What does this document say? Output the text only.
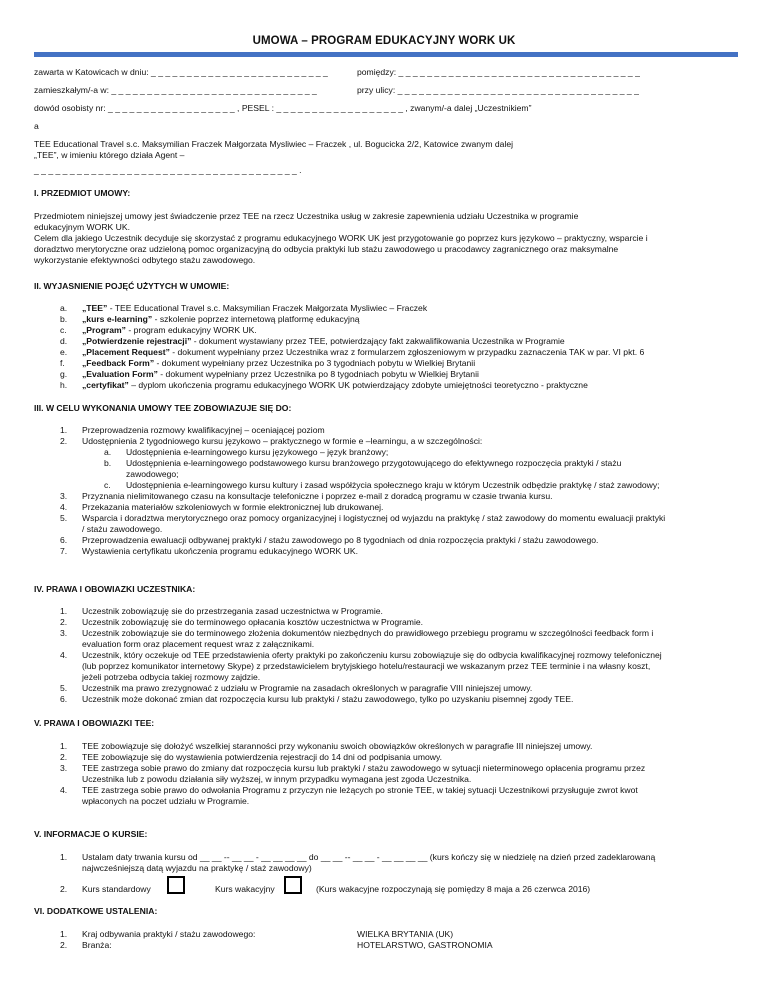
UMOWA – PROGRAM EDUKACYJNY WORK UK
zawarta w Katowicach w dniu: _ _ _ _ _ _ _ _ _ _ _ _ _ _ _ _ _ _ _ _ _ _ _ _ _	pomiędzy: _ _ _ _ _ _ _ _ _ _ _ _ _ _ _ _ _ _ _ _ _ _ _ _ _ _ _ _ _ _ _ _ _ _
zamieszkałym/-a w: _ _ _ _ _ _ _ _ _ _ _ _ _ _ _ _ _ _ _ _ _ _ _ _ _ _ _ _ _	przy ulicy: _ _ _ _ _ _ _ _ _ _ _ _ _ _ _ _ _ _ _ _ _ _ _ _ _ _ _ _ _ _ _ _ _ _
dowód osobisty nr: _ _ _ _ _ _ _ _ _ _ _ _ _ _ _ _ _ _ , PESEL : _ _ _ _ _ _ _ _ _ _ _ _ _ _ _ _ _ _ , zwanym/-a dalej „Uczestnikiem”
a
TEE Educational Travel s.c. Maksymilian Fraczek Małgorzata Mysliwiec – Fraczek , ul. Bogucicka 2/2, Katowice zwanym dalej
„TEE”, w imieniu którego działa Agent –
_ _ _ _ _ _ _ _ _ _ _ _ _ _ _ _ _ _ _ _ _ _ _ _ _ _ _ _ _ _ _ _ _ _ _ _ _ .
I. PRZEDMIOT UMOWY:
Przedmiotem niniejszej umowy jest świadczenie przez TEE na rzecz Uczestnika usług w zakresie zapewnienia udziału Uczestnika w programie
edukacyjnym WORK UK.
Celem dla jakiego Uczestnik decyduje się skorzystać z programu edukacyjnego WORK UK jest przygotowanie go poprzez kurs językowo – praktyczny, wsparcie i
doradztwo merytoryczne oraz udzieloną pomoc organizacyjną do odbycia praktyki lub stażu zawodowego u pracodawcy zagranicznego oraz maksymalne
wykorzystanie efektywności odbytego stażu zawodowego.
II. WYJASNIENIE POJĘĆ UŻYTYCH W UMOWIE:
a. „TEE” - TEE Educational Travel s.c. Maksymilian Fraczek Małgorzata Mysliwiec – Fraczek
b. „kurs e-learning” - szkolenie poprzez internetową platformę edukacyjną
c. „Program” - program edukacyjny WORK UK.
d. „Potwierdzenie rejestracji” - dokument wystawiany przez TEE, potwierdzający fakt zakwalifikowania Uczestnika w Programie
e. „Placement Request” - dokument wypełniany przez Uczestnika wraz z formularzem zgłoszeniowym w przypadku zaznaczenia TAK w par. VI pkt. 6
f. „Feedback Form” - dokument wypełniany przez Uczestnika po 3 tygodniach pobytu w Wielkiej Brytanii
g. „Evaluation Form” - dokument wypełniany przez Uczestnika po 8 tygodniach pobytu w Wielkiej Brytanii
h. „certyfikat” – dyplom ukończenia programu edukacyjnego WORK UK potwierdzający zdobyte umiejętności teoretyczno - praktyczne
III. W CELU WYKONANIA UMOWY TEE ZOBOWIAZUJE SIĘ DO:
1. Przeprowadzenia rozmowy kwalifikacyjnej – oceniającej poziom
2. Udostępnienia 2 tygodniowego kursu językowo – praktycznego w formie e –learningu, a w szczególności:
a. Udostępnienia e-learningowego kursu językowego – język branżowy;
b. Udostępnienia e-learningowego podstawowego kursu branżowego przygotowującego do efektywnego rozpoczęcia praktyki / stażu
zawodowego;
c. Udostępnienia e-learningowego kursu kultury i zasad współżycia społecznego kraju w którym Uczestnik odbędzie praktykę / staż zawodowy;
3. Przyznania nielimitowanego czasu na konsultacje telefoniczne i poprzez e-mail z doradcą programu w czasie trwania kursu.
4. Przekazania materiałów szkoleniowych w formie elektronicznej lub drukowanej.
5. Wsparcia i doradztwa merytorycznego oraz pomocy organizacyjnej i logistycznej od wyjazdu na praktykę / staż zawodowy do momentu ewaluacji praktyki
/ stażu zawodowego.
6. Przeprowadzenia ewaluacji odbywanej praktyki / stażu zawodowego po 8 tygodniach od dnia rozpoczęcia praktyki / stażu zawodowego.
7. Wystawienia certyfikatu ukończenia programu edukacyjnego WORK UK.
IV. PRAWA I OBOWIAZKI UCZESTNIKA:
1. Uczestnik zobowiązuję sie do przestrzegania zasad uczestnictwa w Programie.
2. Uczestnik zobowiązuję sie do terminowego opłacania kosztów uczestnictwa w Programie.
3. Uczestnik zobowiązuje sie do terminowego złożenia dokumentów niezbędnych do prawidłowego przebiegu programu w szczególności feedback form i
evaluation form oraz placement request wraz z załącznikami.
4. Uczestnik, który oczekuje od TEE przedstawienia oferty praktyki po zakończeniu kursu zobowiązuje się do odbycia kwalifikacyjnej rozmowy telefonicznej
(lub poprzez komunikator internetowy Skype) z przedstawicielem brytyjskiego hotelu/restauracji we wskazanym przez TEE terminie i na własny koszt,
jeżeli potrzeba odbycia takiej rozmowy zajdzie.
5. Uczestnik ma prawo zrezygnować z udziału w Programie na zasadach określonych w paragrafie VIII niniejszej umowy.
6. Uczestnik może dokonać zmian dat rozpoczęcia kursu lub praktyki / stażu zawodowego, tylko po uzyskaniu pisemnej zgody TEE.
V. PRAWA I OBOWIAZKI TEE:
1. TEE zobowiązuje się dołożyć wszelkiej staranności przy wykonaniu swoich obowiązków określonych w paragrafie III niniejszej umowy.
2. TEE zobowiązuje się do wystawienia potwierdzenia rejestracji do 14 dni od podpisania umowy.
3. TEE zastrzega sobie prawo do zmiany dat rozpoczęcia kursu lub praktyki / stażu zawodowego w sytuacji nieterminowego opłacenia programu przez
Uczestnika lub z powodu działania siły wyższej, w innym przypadku wymagana jest zgoda Uczestnika.
4. TEE zastrzega sobie prawo do odwołania Programu z przyczyn nie leżących po stronie TEE, w takiej sytuacji Uczestnikowi przysługuje zwrot kwot
wpłaconych na poczet udziału w Programie.
V. INFORMACJE O KURSIE:
1. Ustalam daty trwania kursu od __ __ -- __ __ - __ __ __ __ do __ __ -- __ __ - __ __ __ __ (kurs kończy się w niedzielę na dzień przed zadeklarowaną
najwcześniejszą datą wyjazdu na praktykę / staż zawodowy)
2. Kurs standardowy	Kurs wakacyjny	(Kurs wakacyjne rozpoczynają się pomiędzy 8 maja a 26 czerwca 2016)
VI. DODATKOWE USTALENIA:
1. Kraj odbywania praktyki / stażu zawodowego:	WIELKA BRYTANIA (UK)
2. Branża:	HOTELARSTWO, GASTRONOMIA
